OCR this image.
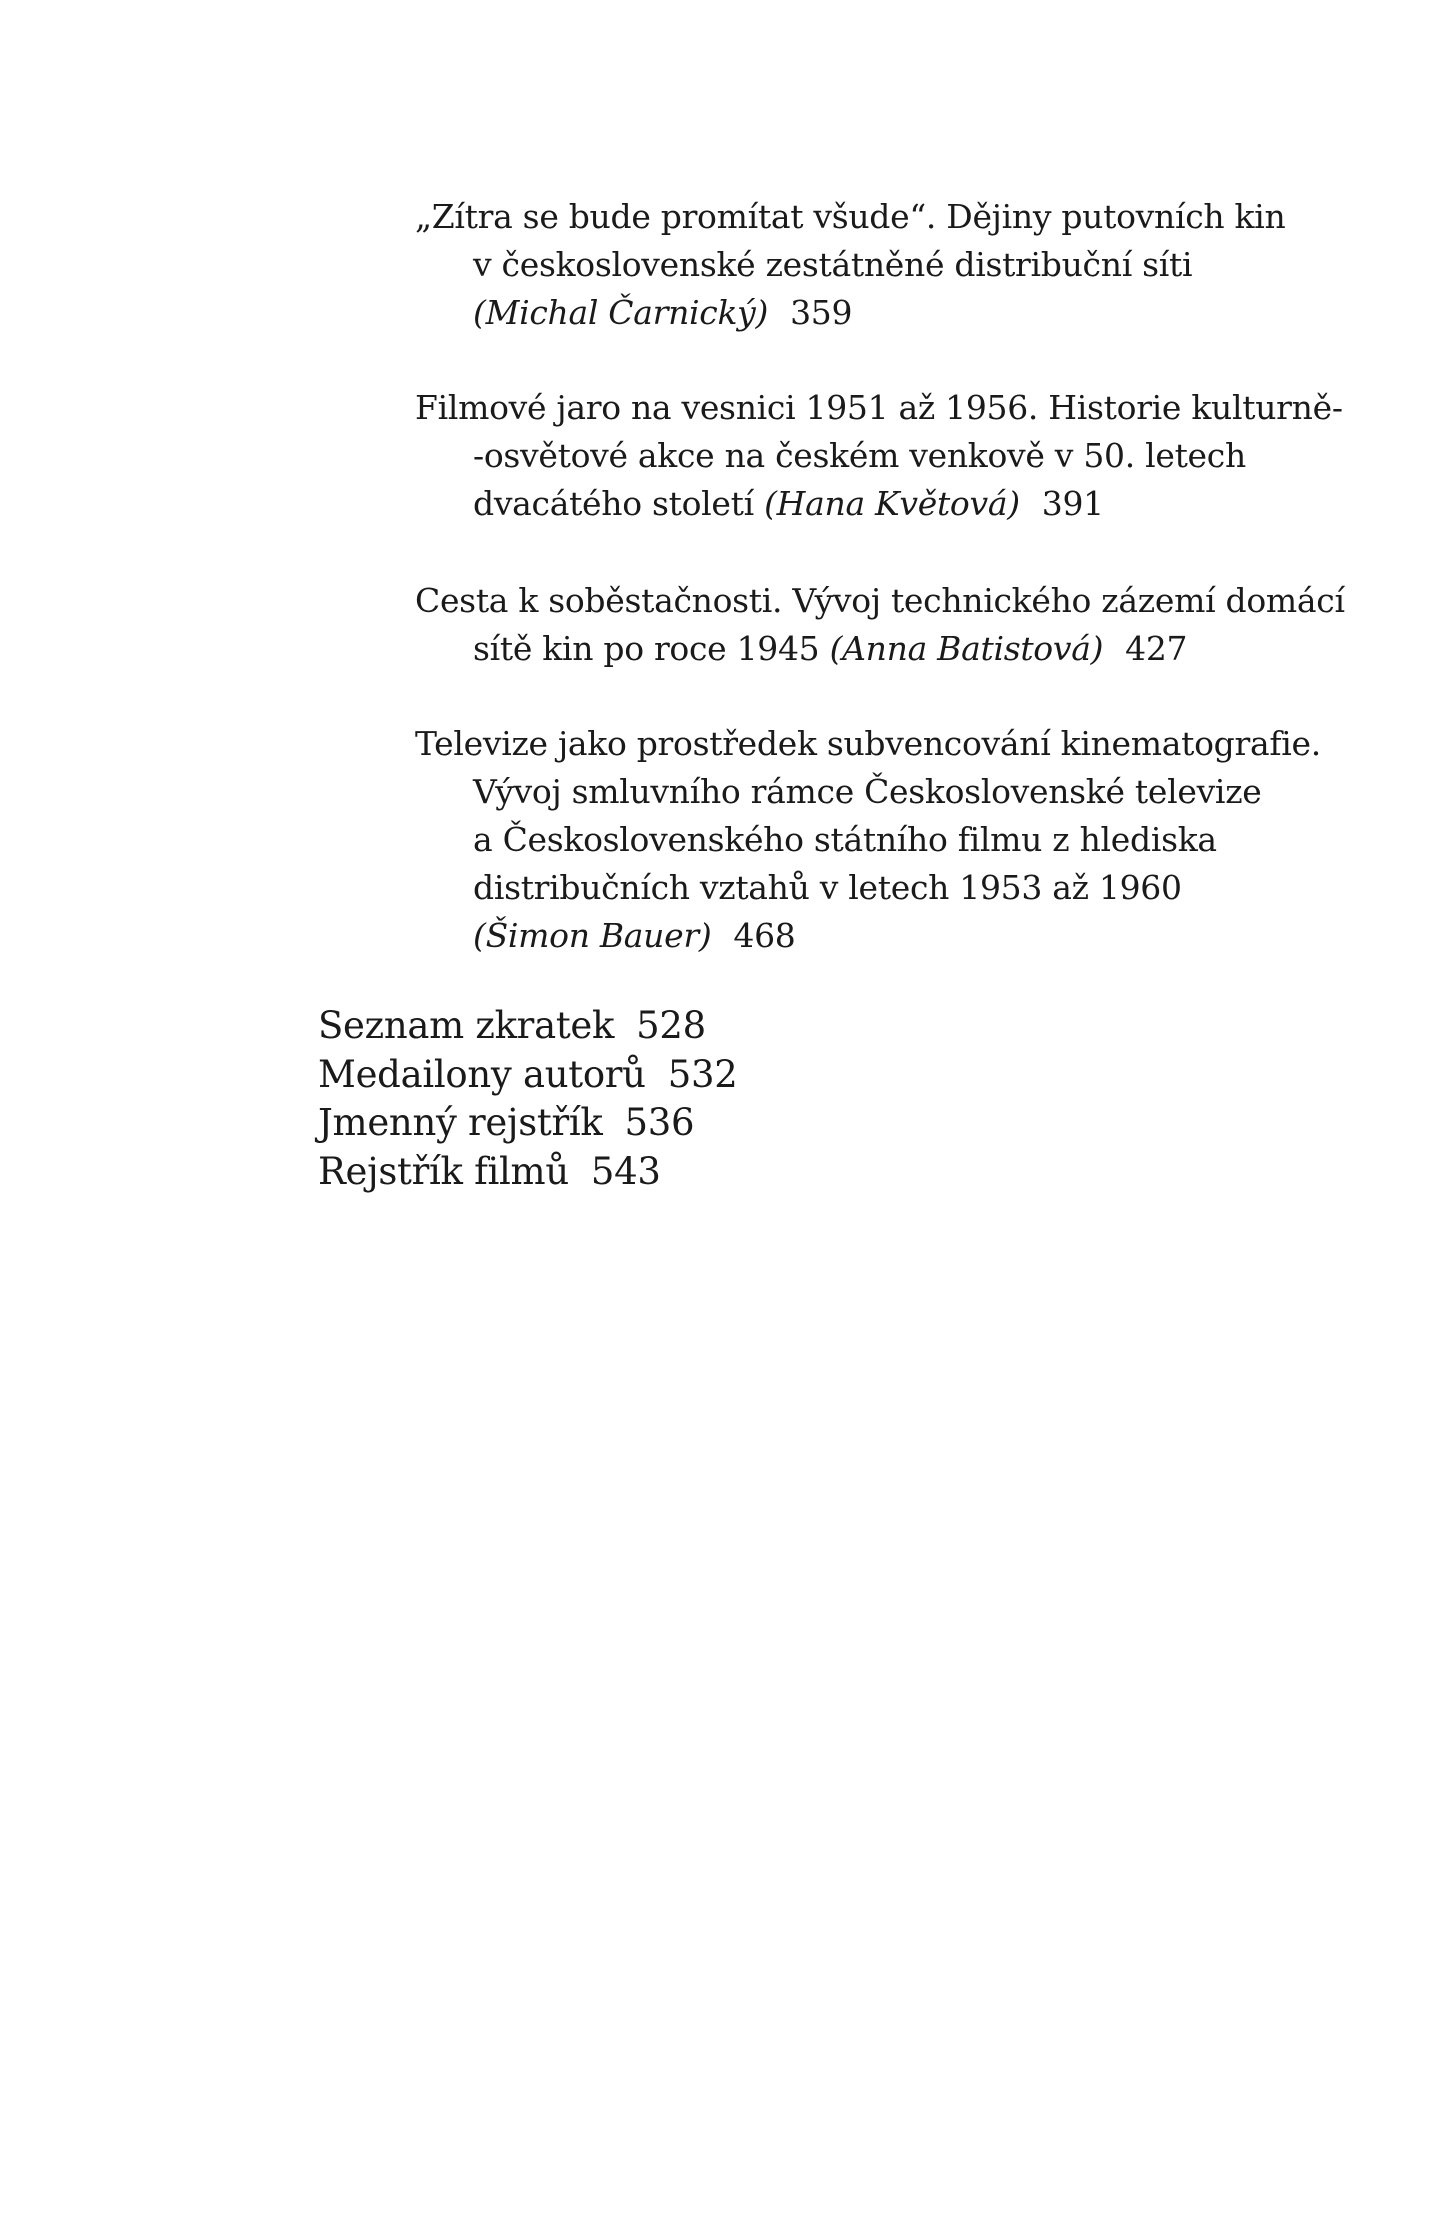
„Zítra se bude promítat všude“. Dějiny putovních kin
v československé zestátněné distribuční síti
(Michal Čarnický) 359
Filmové jaro na vesnici 1951 až 1956. Historie kulturně-
-osvětové akce na českém venkově v 50. letech
dvacátého století (Hana Květová) 391
Cesta k soběstačnosti. Vývoj technického zázemí domácí
sítě kin po roce 1945 (Anna Batistová) 427
Televize jako prostředek subvencování kinematografie.
Vývoj smluvního rámce Československé televize
a Československého státního filmu z hlediska
distribučních vztahů v letech 1953 až 1960
(Šimon Bauer) 468
Seznam zkratek 528
Medailony autorů 532
Jmenný rejstřík 536
Rejstřík filmů 543
